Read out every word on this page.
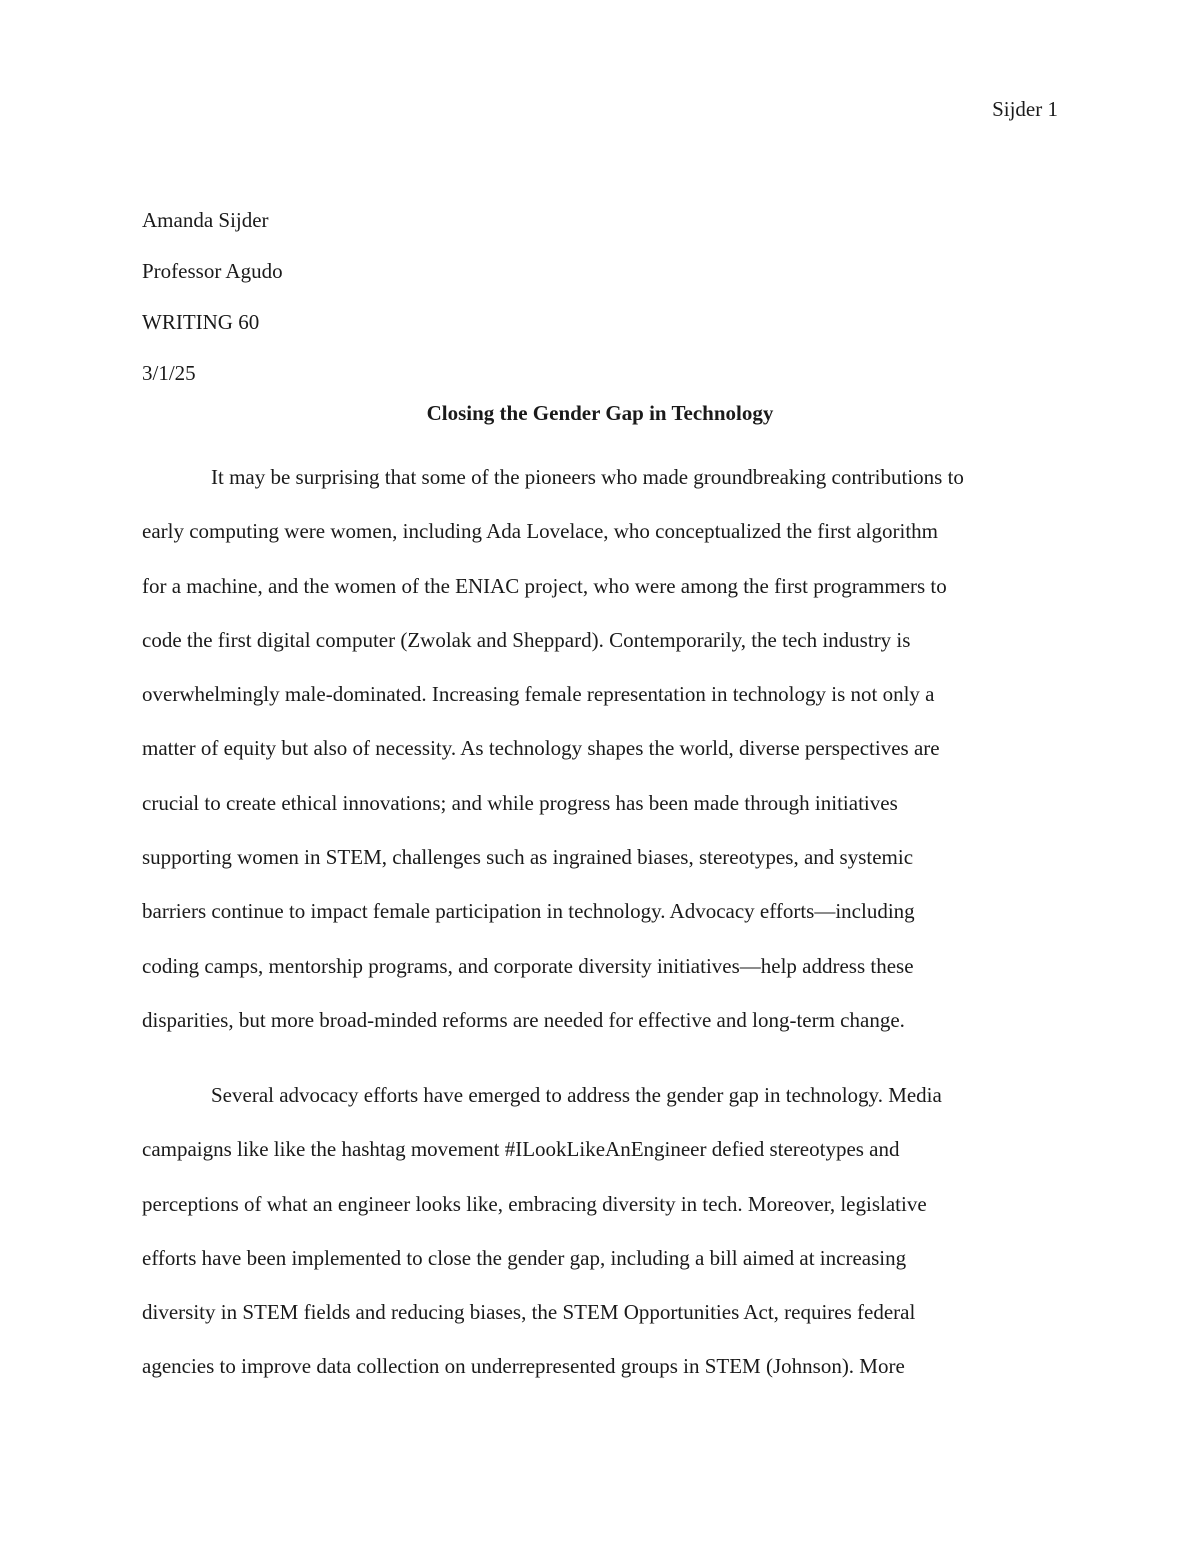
Sijder 1
Amanda Sijder
Professor Agudo
WRITING 60
3/1/25
Closing the Gender Gap in Technology
It may be surprising that some of the pioneers who made groundbreaking contributions to
early computing were women, including Ada Lovelace, who conceptualized the first algorithm
for a machine, and the women of the ENIAC project, who were among the first programmers to
code the first digital computer (Zwolak and Sheppard). Contemporarily, the tech industry is
overwhelmingly male-dominated. Increasing female representation in technology is not only a
matter of equity but also of necessity. As technology shapes the world, diverse perspectives are
crucial to create ethical innovations; and while progress has been made through initiatives
supporting women in STEM, challenges such as ingrained biases, stereotypes, and systemic
barriers continue to impact female participation in technology. Advocacy efforts—including
coding camps, mentorship programs, and corporate diversity initiatives—help address these
disparities, but more broad-minded reforms are needed for effective and long-term change.
Several advocacy efforts have emerged to address the gender gap in technology. Media
campaigns like like the hashtag movement #ILookLikeAnEngineer defied stereotypes and
perceptions of what an engineer looks like, embracing diversity in tech. Moreover, legislative
efforts have been implemented to close the gender gap, including a bill aimed at increasing
diversity in STEM fields and reducing biases, the STEM Opportunities Act, requires federal
agencies to improve data collection on underrepresented groups in STEM (Johnson). More
